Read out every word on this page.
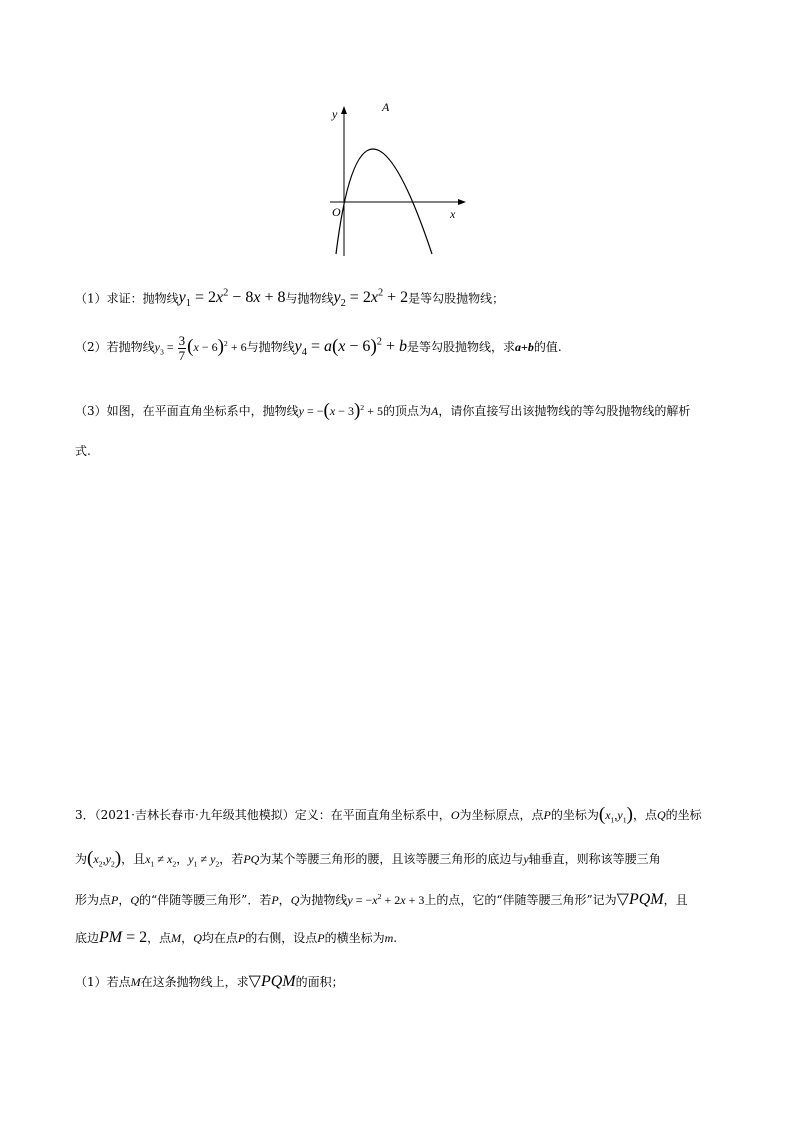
y
x
O
A
（1）求证：抛物线$y_1 = 2x^2 - 8x + 8$与抛物线$y_2 = 2x^2 + 2$是等勾股抛物线；
（2）若抛物线$y_3 = \frac{3}{7} (x - 6)^2 + 6$与抛物线$y_4 = a(x - 6)^2 + b$是等勾股抛物线，求a+b的值.
（3）如图，在平面直角坐标系中，抛物线$y = -(x - 3)^2 + 5$的顶点为A，请你直接写出该抛物线的等勾股抛物线的解析
式.
3．（2021·吉林长春市·九年级其他模拟）定义：在平面直角坐标系中，O为坐标原点，点P的坐标为$(x_1,y_1)$，点Q的坐标
为$(x_2,y_2)$，且$x_1 \ne x_2$，$y_1 \ne y_2$，若PQ为某个等腰三角形的腰，且该等腰三角形的底边与y轴垂直，则称该等腰三角
形为点P，Q的“伴随等腰三角形”．若P，Q为抛物线$y = -x^2 + 2x + 3$上的点，它的“伴随等腰三角形”记为▽PQM，且
底边PM = 2，点M，Q均在点P的右侧，设点P的横坐标为m.
（1）若点M在这条抛物线上，求▽PQM的面积；
